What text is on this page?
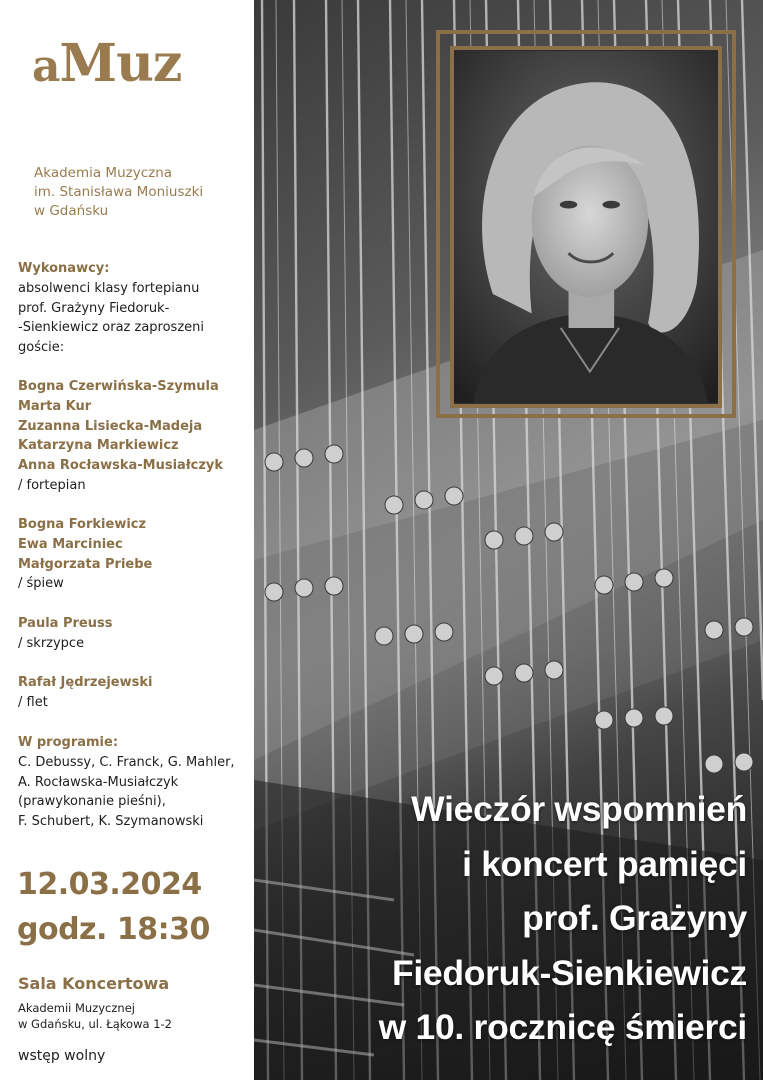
aMuz
Akademia Muzyczna
im. Stanisława Moniuszki
w Gdańsku
Wykonawcy:
absolwenci klasy fortepianu
prof. Grażyny Fiedoruk-
-Sienkiewicz oraz zaproszeni
goście:
Bogna Czerwińska-Szymula
Marta Kur
Zuzanna Lisiecka-Madeja
Katarzyna Markiewicz
Anna Rocławska-Musiałczyk
/ fortepian
Bogna Forkiewicz
Ewa Marciniec
Małgorzata Priebe
/ śpiew
Paula Preuss
/ skrzypce
Rafał Jędrzejewski
/ flet
W programie:
C. Debussy, C. Franck, G. Mahler,
A. Rocławska-Musiałczyk
(prawykonanie pieśni),
F. Schubert, K. Szymanowski
12.03.2024
godz. 18:30
Sala Koncertowa
Akademii Muzycznej
w Gdańsku, ul. Łąkowa 1-2
wstęp wolny
Wieczór wspomnień
i koncert pamięci
prof. Grażyny
Fiedoruk-Sienkiewicz
w 10. rocznicę śmierci
